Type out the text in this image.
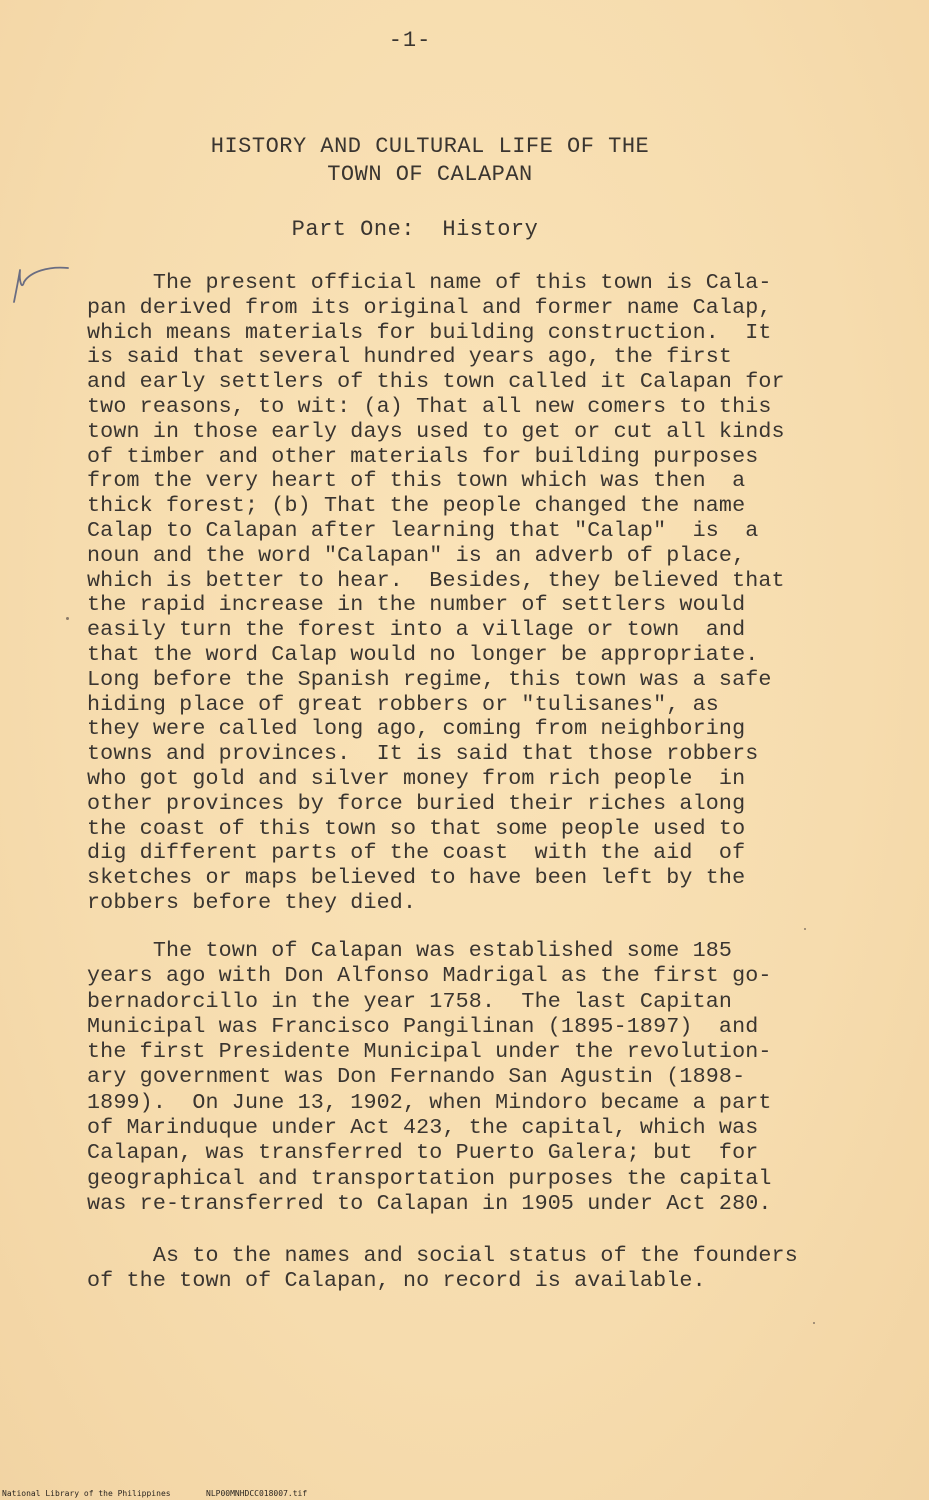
-1-
HISTORY AND CULTURAL LIFE OF THE
TOWN OF CALAPAN
Part One:  History
The present official name of this town is Cala-
pan derived from its original and former name Calap,
which means materials for building construction.  It
is said that several hundred years ago, the first
and early settlers of this town called it Calapan for
two reasons, to wit: (a) That all new comers to this
town in those early days used to get or cut all kinds
of timber and other materials for building purposes
from the very heart of this town which was then  a
thick forest; (b) That the people changed the name
Calap to Calapan after learning that "Calap"  is  a
noun and the word "Calapan" is an adverb of place,
which is better to hear.  Besides, they believed that
the rapid increase in the number of settlers would
easily turn the forest into a village or town  and
that the word Calap would no longer be appropriate.
Long before the Spanish regime, this town was a safe
hiding place of great robbers or "tulisanes", as
they were called long ago, coming from neighboring
towns and provinces.  It is said that those robbers
who got gold and silver money from rich people  in
other provinces by force buried their riches along
the coast of this town so that some people used to
dig different parts of the coast  with the aid  of
sketches or maps believed to have been left by the
robbers before they died.
The town of Calapan was established some 185
years ago with Don Alfonso Madrigal as the first go-
bernadorcillo in the year 1758.  The last Capitan
Municipal was Francisco Pangilinan (1895-1897)  and
the first Presidente Municipal under the revolution-
ary government was Don Fernando San Agustin (1898-
1899).  On June 13, 1902, when Mindoro became a part
of Marinduque under Act 423, the capital, which was
Calapan, was transferred to Puerto Galera; but  for
geographical and transportation purposes the capital
was re-transferred to Calapan in 1905 under Act 280.
As to the names and social status of the founders
of the town of Calapan, no record is available.
National Library of the Philippines	NLP00MNHDCC018007.tif
